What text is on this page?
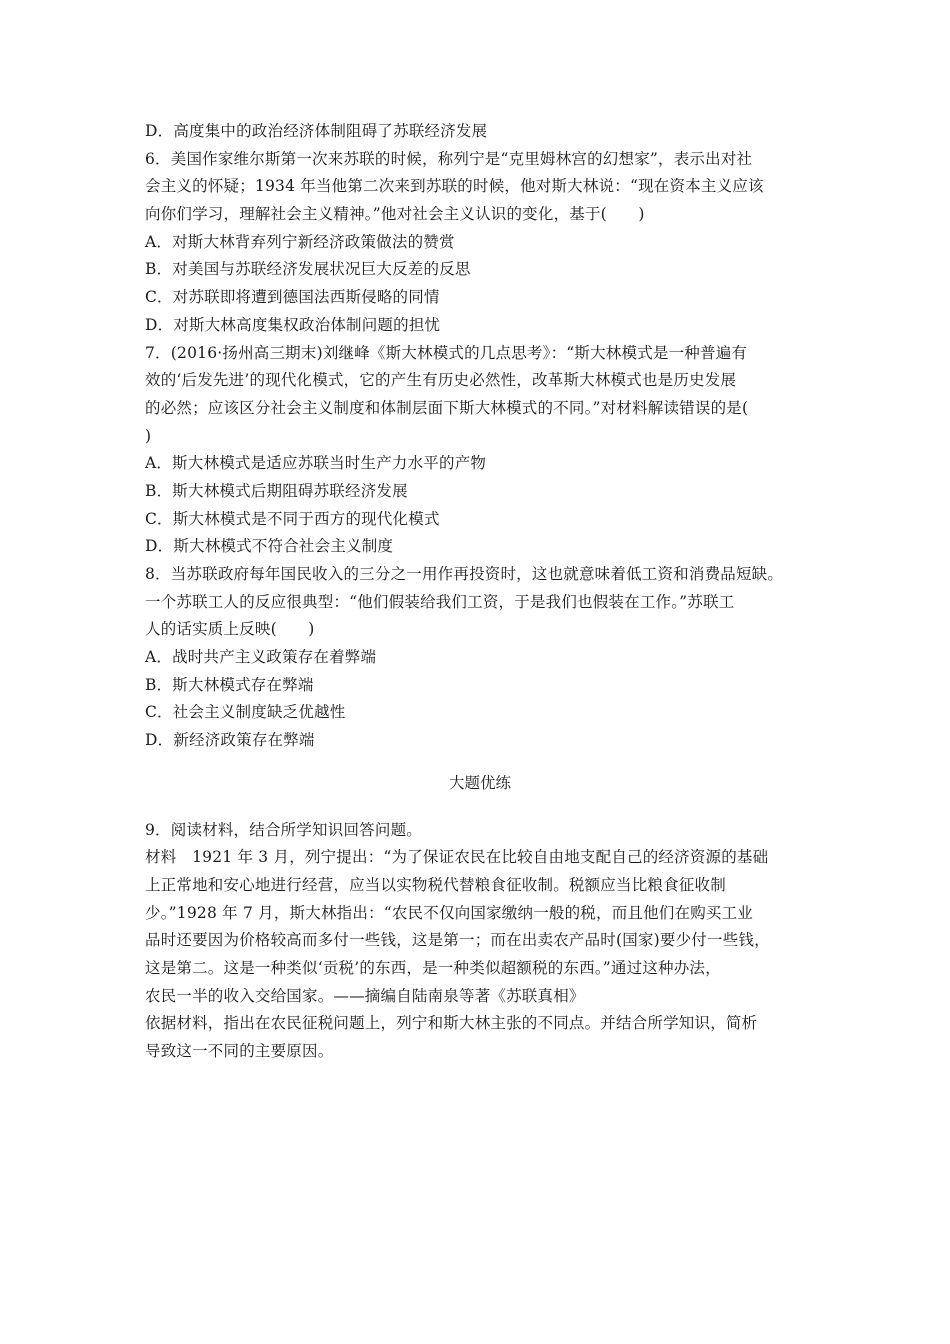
D．高度集中的政治经济体制阻碍了苏联经济发展
6．美国作家维尔斯第一次来苏联的时候，称列宁是“克里姆林宫的幻想家”，表示出对社
会主义的怀疑；1934 年当他第二次来到苏联的时候，他对斯大林说：“现在资本主义应该
向你们学习，理解社会主义精神。”他对社会主义认识的变化，基于(　　)
A．对斯大林背弃列宁新经济政策做法的赞赏
B．对美国与苏联经济发展状况巨大反差的反思
C．对苏联即将遭到德国法西斯侵略的同情
D．对斯大林高度集权政治体制问题的担忧
7．(2016·扬州高三期末)刘继峰《斯大林模式的几点思考》：“斯大林模式是一种普遍有
效的‘后发先进’的现代化模式，它的产生有历史必然性，改革斯大林模式也是历史发展
的必然；应该区分社会主义制度和体制层面下斯大林模式的不同。”对材料解读错误的是(
)
A．斯大林模式是适应苏联当时生产力水平的产物
B．斯大林模式后期阻碍苏联经济发展
C．斯大林模式是不同于西方的现代化模式
D．斯大林模式不符合社会主义制度
8．当苏联政府每年国民收入的三分之一用作再投资时，这也就意味着低工资和消费品短缺。
一个苏联工人的反应很典型：“他们假装给我们工资，于是我们也假装在工作。”苏联工
人的话实质上反映(　　)
A．战时共产主义政策存在着弊端
B．斯大林模式存在弊端
C．社会主义制度缺乏优越性
D．新经济政策存在弊端
大题优练
9．阅读材料，结合所学知识回答问题。
材料　1921 年 3 月，列宁提出：“为了保证农民在比较自由地支配自己的经济资源的基础
上正常地和安心地进行经营，应当以实物税代替粮食征收制。税额应当比粮食征收制
少。”1928 年 7 月，斯大林指出：“农民不仅向国家缴纳一般的税，而且他们在购买工业
品时还要因为价格较高而多付一些钱，这是第一；而在出卖农产品时(国家)要少付一些钱，
这是第二。这是一种类似‘贡税’的东西，是一种类似超额税的东西。”通过这种办法，
农民一半的收入交给国家。——摘编自陆南泉等著《苏联真相》
依据材料，指出在农民征税问题上，列宁和斯大林主张的不同点。并结合所学知识，简析
导致这一不同的主要原因。
